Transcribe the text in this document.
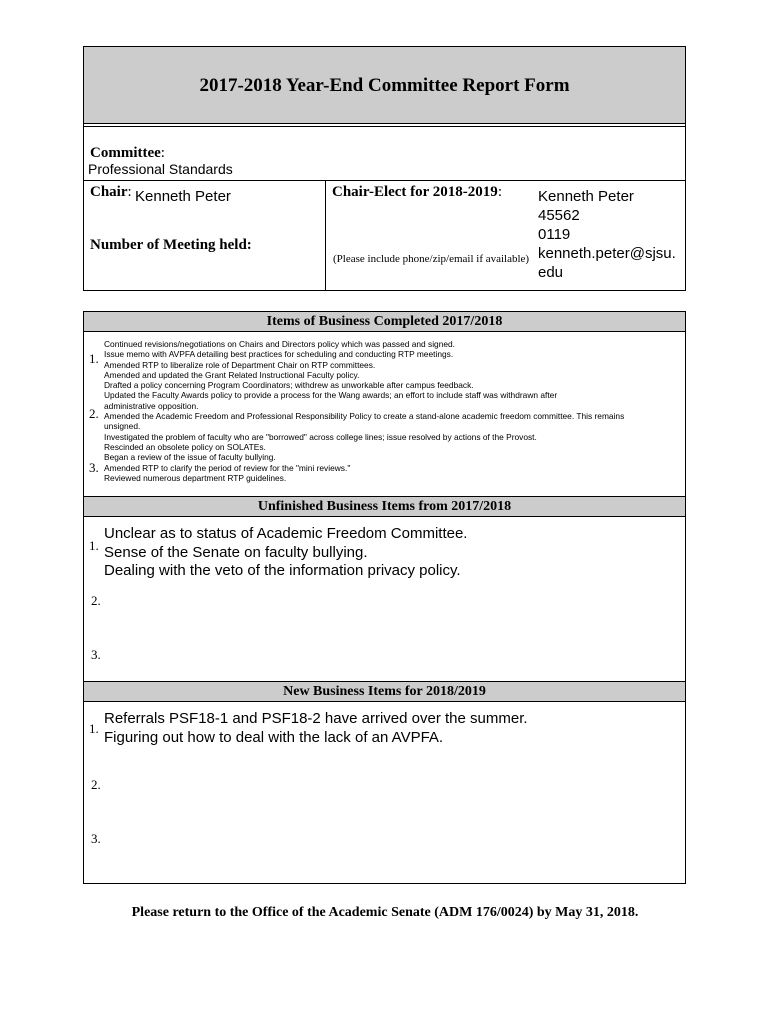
2017-2018 Year-End Committee Report Form
Committee:
Professional Standards
Chair: Kenneth Peter
Number of Meeting held:
Chair-Elect for 2018-2019:
(Please include phone/zip/email if available)
Kenneth Peter
45562
0119
kenneth.peter@sjsu.
edu
Items of Business Completed 2017/2018
1.
2.
3.
Continued revisions/negotiations on Chairs and Directors policy which was passed and signed.
Issue memo with AVPFA detailing best practices for scheduling and conducting RTP meetings.
Amended RTP to liberalize role of Department Chair on RTP committees.
Amended and updated the Grant Related Instructional Faculty policy.
Drafted a policy concerning Program Coordinators; withdrew as unworkable after campus feedback.
Updated the Faculty Awards policy to provide a process for the Wang awards; an effort to include staff was withdrawn after
administrative opposition.
Amended the Academic Freedom and Professional Responsibility Policy to create a stand-alone academic freedom committee. This remains
unsigned.
Investigated the problem of faculty who are "borrowed" across college lines; issue resolved by actions of the Provost.
Rescinded an obsolete policy on SOLATEs.
Began a review of the issue of faculty bullying.
Amended RTP to clarify the period of review for the "mini reviews."
Reviewed numerous department RTP guidelines.
Unfinished Business Items from 2017/2018
1.
Unclear as to status of Academic Freedom Committee.
Sense of the Senate on faculty bullying.
Dealing with the veto of the information privacy policy.
2.
3.
New Business Items for 2018/2019
1.
Referrals PSF18-1 and PSF18-2 have arrived over the summer.
Figuring out how to deal with the lack of an AVPFA.
2.
3.
Please return to the Office of the Academic Senate (ADM 176/0024) by May 31, 2018.
